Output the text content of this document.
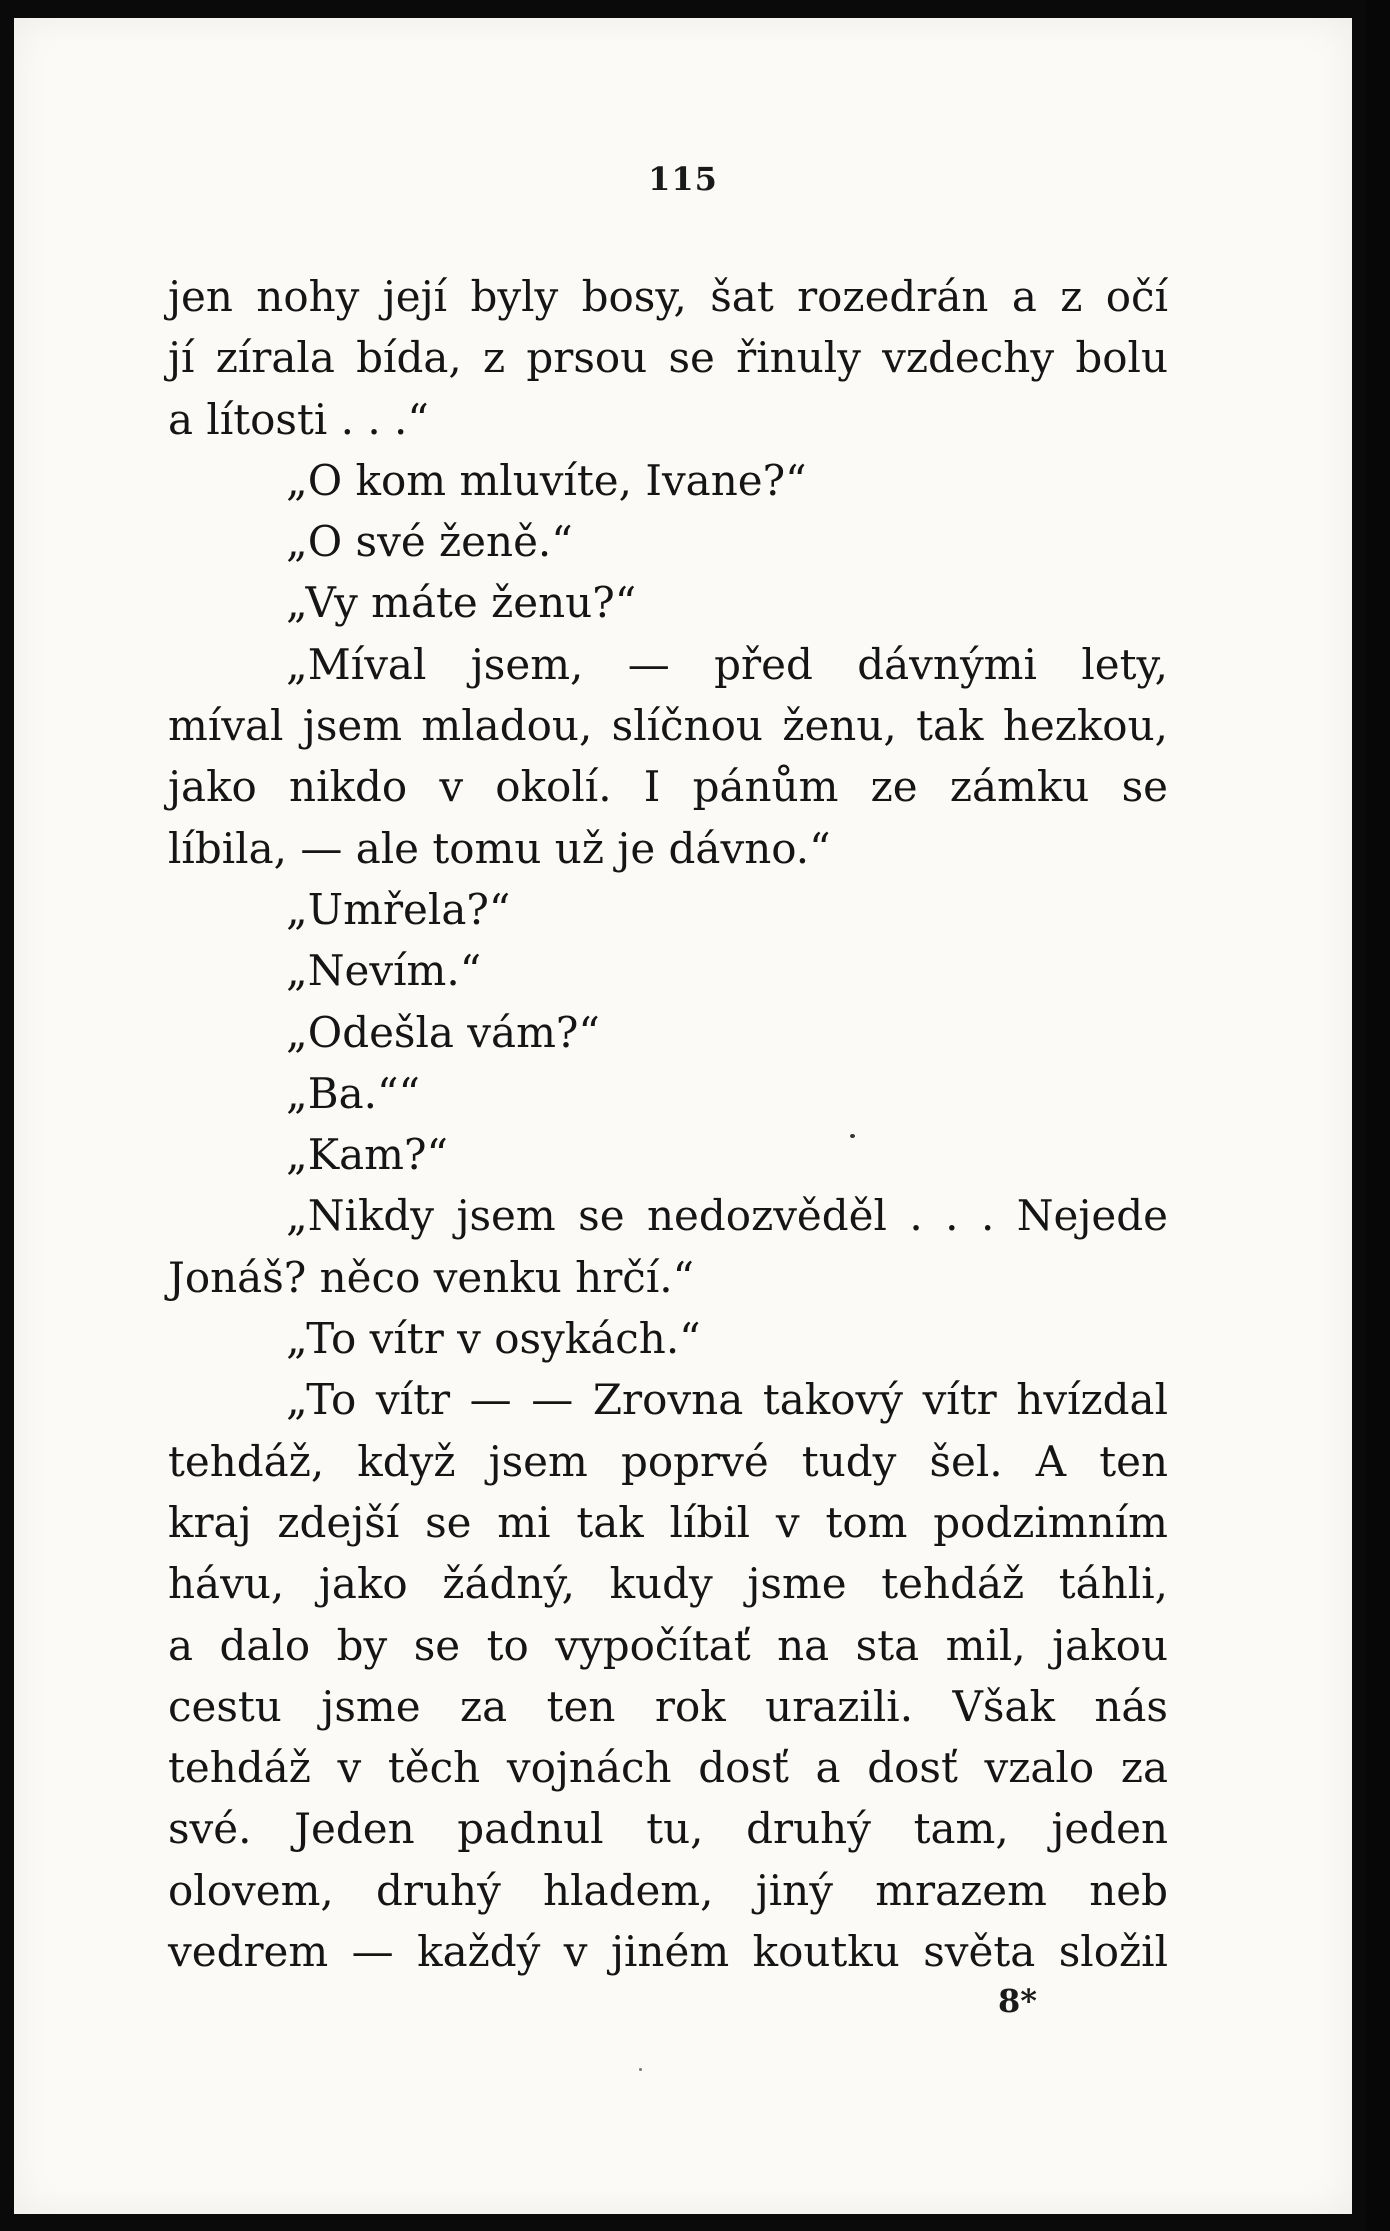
115
jen nohy její byly bosy, šat rozedrán a z očí
jí zírala bída, z prsou se řinuly vzdechy bolu
a lítosti . . .“
„O kom mluvíte, Ivane?“
„O své ženě.“
„Vy máte ženu?“
„Míval jsem, — před dávnými lety,
míval jsem mladou, slíčnou ženu, tak hezkou,
jako nikdo v okolí. I pánům ze zámku se
líbila, — ale tomu už je dávno.“
„Umřela?“
„Nevím.“
„Odešla vám?“
„Ba.““
„Kam?“
„Nikdy jsem se nedozvěděl . . . Nejede
Jonáš? něco venku hrčí.“
„To vítr v osykách.“
„To vítr — — Zrovna takový vítr hvízdal
tehdáž, když jsem poprvé tudy šel. A ten
kraj zdejší se mi tak líbil v tom podzimním
hávu, jako žádný, kudy jsme tehdáž táhli,
a dalo by se to vypočítať na sta mil, jakou
cestu jsme za ten rok urazili. Však nás
tehdáž v těch vojnách dosť a dosť vzalo za
své. Jeden padnul tu, druhý tam, jeden
olovem, druhý hladem, jiný mrazem neb
vedrem — každý v jiném koutku světa složil
8*
